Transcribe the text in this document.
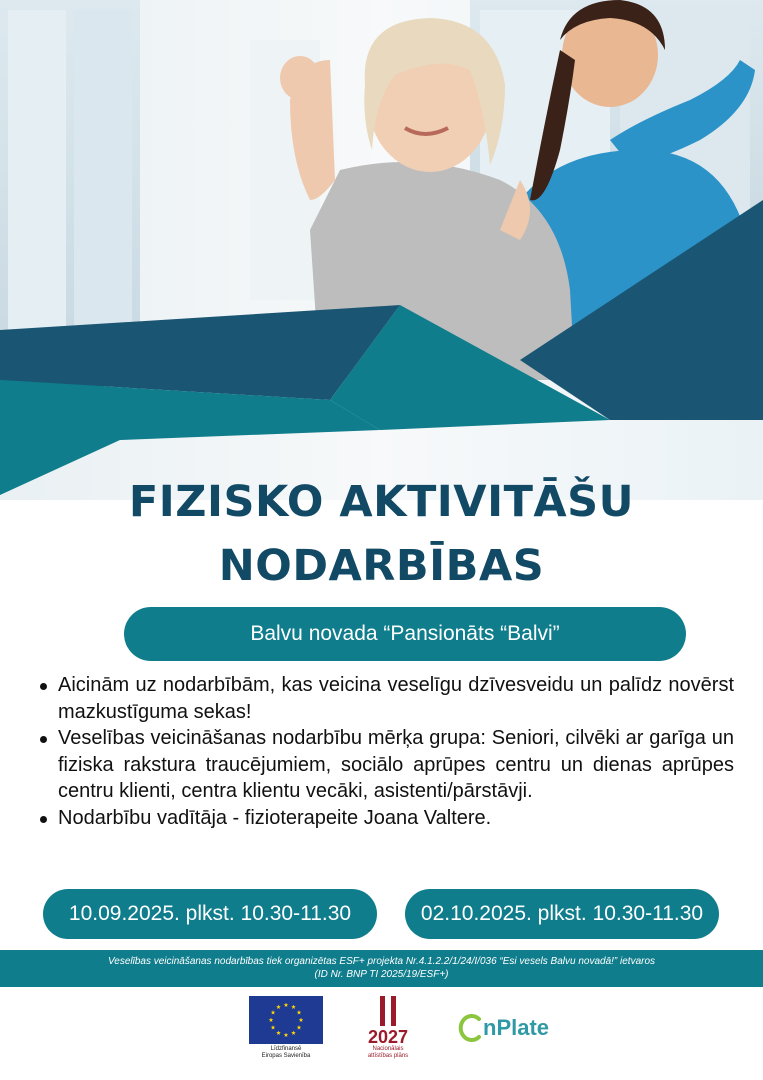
FIZISKO AKTIVITĀŠU
NODARBĪBAS
Balvu novada “Pansionāts “Balvi”
Aicinām uz nodarbībām, kas veicina veselīgu dzīvesveidu un palīdz novērst mazkustīguma sekas!
Veselības veicināšanas nodarbību mērķa grupa: Seniori, cilvēki ar garīga un fiziska rakstura traucējumiem, sociālo aprūpes centru un dienas aprūpes centru klienti, centra klientu vecāki, asistenti/pārstāvji.
Nodarbību vadītāja - fizioterapeite Joana Valtere.
10.09.2025. plkst. 10.30-11.30	02.10.2025. plkst. 10.30-11.30
Veselības veicināšanas nodarbības tiek organizētas ESF+ projekta Nr.4.1.2.2/1/24/I/036 “Esi vesels Balvu novadā!” ietvaros
(ID Nr. BNP TI 2025/19/ESF+)
Līdzfinansē
Eiropas Savienība
2027
Nacionālais
attīstības plāns
nPlate
